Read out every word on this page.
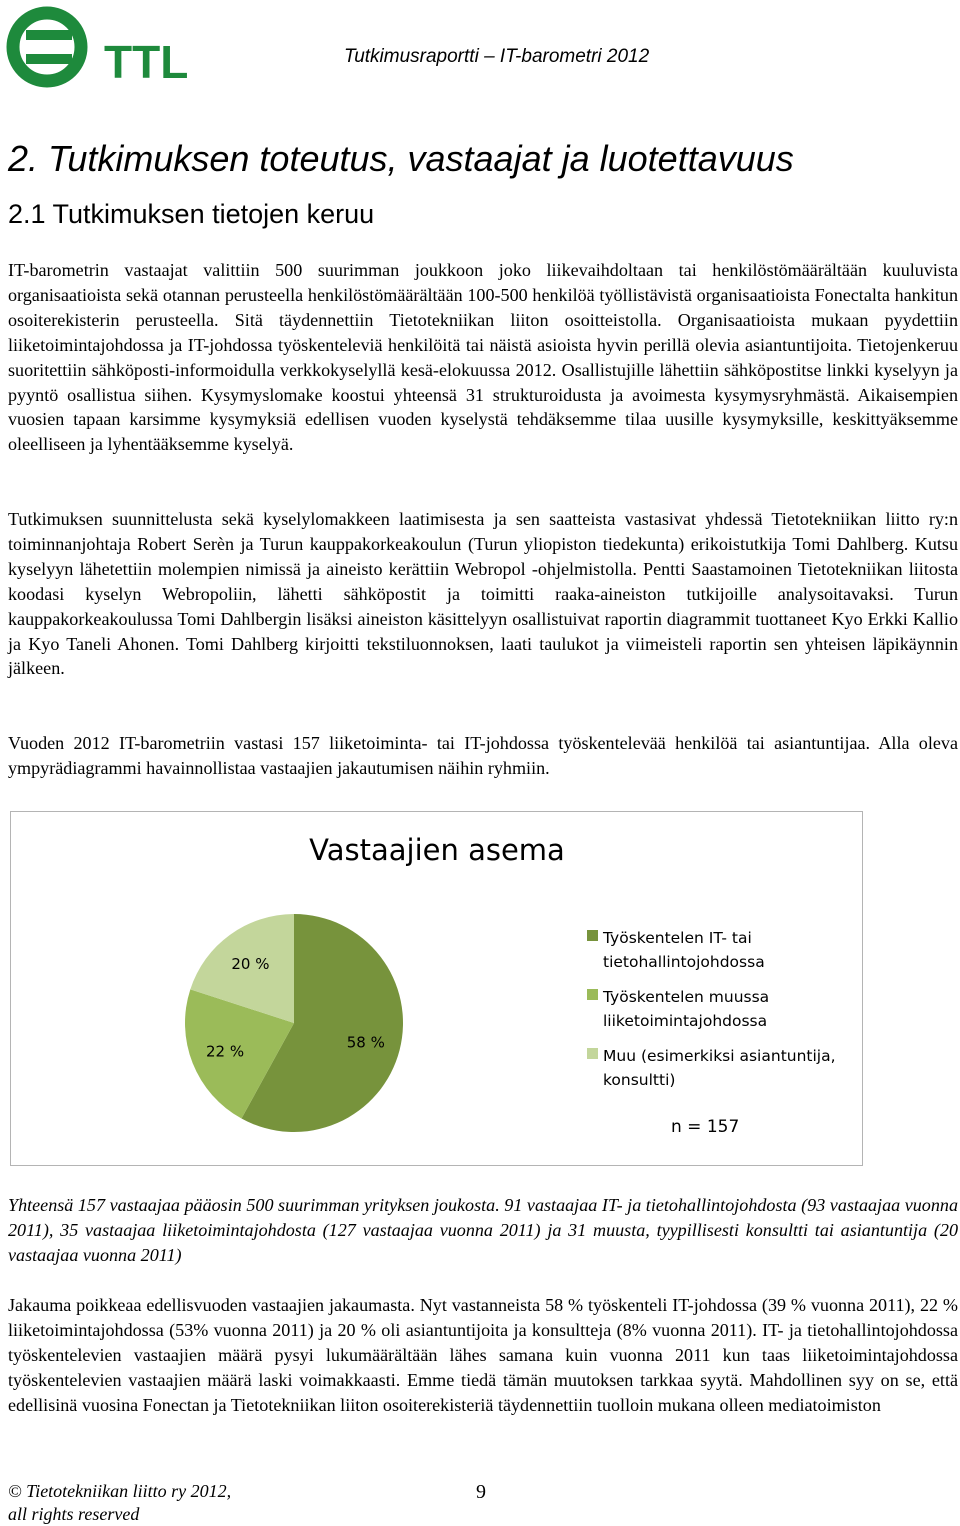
TTL	Tutkimusraportti – IT-barometri 2012
2. Tutkimuksen toteutus, vastaajat ja luotettavuus
2.1 Tutkimuksen tietojen keruu

IT-barometrin vastaajat valittiin 500 suurimman joukkoon joko liikevaihdoltaan tai henkilöstömäärältään kuuluvista organisaatioista sekä otannan perusteella henkilöstömäärältään 100-500 henkilöä työllistävistä organisaatioista Fonectalta hankitun osoiterekisterin perusteella. Sitä täydennettiin Tietotekniikan liiton osoitteistolla. Organisaatioista mukaan pyydettiin liiketoimintajohdossa ja IT-johdossa työskenteleviä henkilöitä tai näistä asioista hyvin perillä olevia asiantuntijoita. Tietojenkeruu suoritettiin sähköposti-informoidulla verkkokyselyllä kesä-elokuussa 2012. Osallistujille lähettiin sähköpostitse linkki kyselyyn ja pyyntö osallistua siihen. Kysymyslomake koostui yhteensä 31 strukturoidusta ja avoimesta kysymysryhmästä. Aikaisempien vuosien tapaan karsimme kysymyksiä edellisen vuoden kyselystä tehdäksemme tilaa uusille kysymyksille, keskittyäksemme oleelliseen ja lyhentääksemme kyselyä.

Tutkimuksen suunnittelusta sekä kyselylomakkeen laatimisesta ja sen saatteista vastasivat yhdessä Tietotekniikan liitto ry:n toiminnanjohtaja Robert Serèn ja Turun kauppakorkeakoulun (Turun yliopiston tiedekunta) erikoistutkija Tomi Dahlberg. Kutsu kyselyyn lähetettiin molempien nimissä ja aineisto kerättiin Webropol -ohjelmistolla. Pentti Saastamoinen Tietotekniikan liitosta koodasi kyselyn Webropoliin, lähetti sähköpostit ja toimitti raaka-aineiston tutkijoille analysoitavaksi. Turun kauppakorkeakoulussa Tomi Dahlbergin lisäksi aineiston käsittelyyn osallistuivat raportin diagrammit tuottaneet Kyo Erkki Kallio ja Kyo Taneli Ahonen. Tomi Dahlberg kirjoitti tekstiluonnoksen, laati taulukot ja viimeisteli raportin sen yhteisen läpikäynnin jälkeen.

Vuoden 2012 IT-barometriin vastasi 157 liiketoiminta- tai IT-johdossa työskentelevää henkilöä tai asiantuntijaa. Alla oleva ympyrädiagrammi havainnollistaa vastaajien jakautumisen näihin ryhmiin.

Vastaajien asema
58 %
22 %
20 %
Työskentelen IT- tai
tietohallintojohdossa
Työskentelen muussa
liiketoimintajohdossa
Muu (esimerkiksi asiantuntija,
konsultti)
n = 157

Yhteensä 157 vastaajaa pääosin 500 suurimman yrityksen joukosta. 91 vastaajaa IT- ja tietohallintojohdosta (93 vastaajaa vuonna 2011), 35 vastaajaa liiketoimintajohdosta (127 vastaajaa vuonna 2011) ja 31 muusta, tyypillisesti konsultti tai asiantuntija (20 vastaajaa vuonna 2011)

Jakauma poikkeaa edellisvuoden vastaajien jakaumasta. Nyt vastanneista 58 % työskenteli IT-johdossa (39 % vuonna 2011), 22 % liiketoimintajohdossa (53% vuonna 2011) ja 20 % oli asiantuntijoita ja konsultteja (8% vuonna 2011). IT- ja tietohallintojohdossa työskentelevien vastaajien määrä pysyi lukumäärältään lähes samana kuin vuonna 2011 kun taas liiketoimintajohdossa työskentelevien vastaajien määrä laski voimakkaasti. Emme tiedä tämän muutoksen tarkkaa syytä. Mahdollinen syy on se, että edellisinä vuosina Fonectan ja Tietotekniikan liiton osoiterekisteriä täydennettiin tuolloin mukana olleen mediatoimiston

© Tietotekniikan liitto ry 2012,
all rights reserved
9
